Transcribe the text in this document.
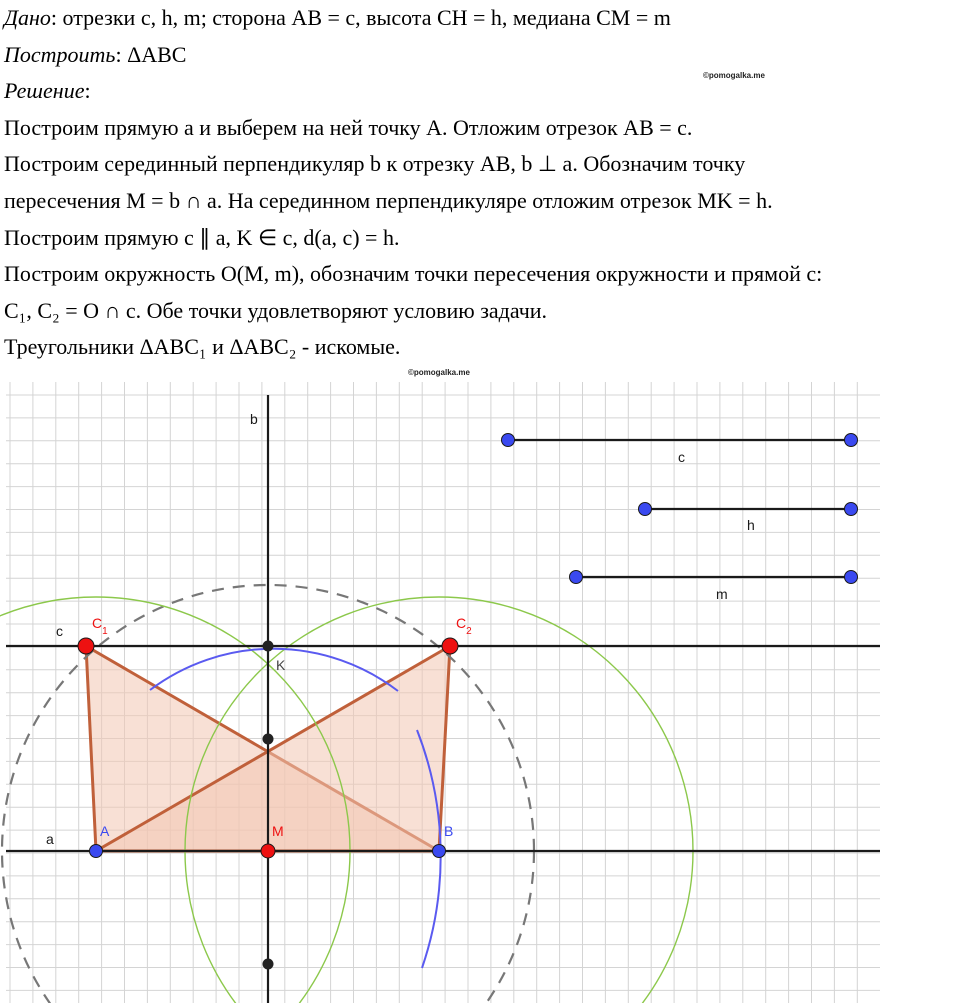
Дано: отрезки c, h, m; сторона AB = c, высота CH = h, медиана CM = m
Построить: ΔABC
Решение:
Построим прямую a и выберем на ней точку A. Отложим отрезок AB = c.
Построим серединный перпендикуляр b к отрезку AB, b ⊥ a. Обозначим точку
пересечения M = b ∩ a. На серединном перпендикуляре отложим отрезок MK = h.
Построим прямую c ∥ a, K ∈ c, d(a, c) = h.
Построим окружность O(M, m), обозначим точки пересечения окружности и прямой c:
C₁, C₂ = O ∩ c. Обе точки удовлетворяют условию задачи.
Треугольники ΔABC₁ и ΔABC₂ - искомые.
©pomogalka.me
©pomogalka.me
b
c
a
c
h
m
K
A	B
M
$C_1$
$C_2$
